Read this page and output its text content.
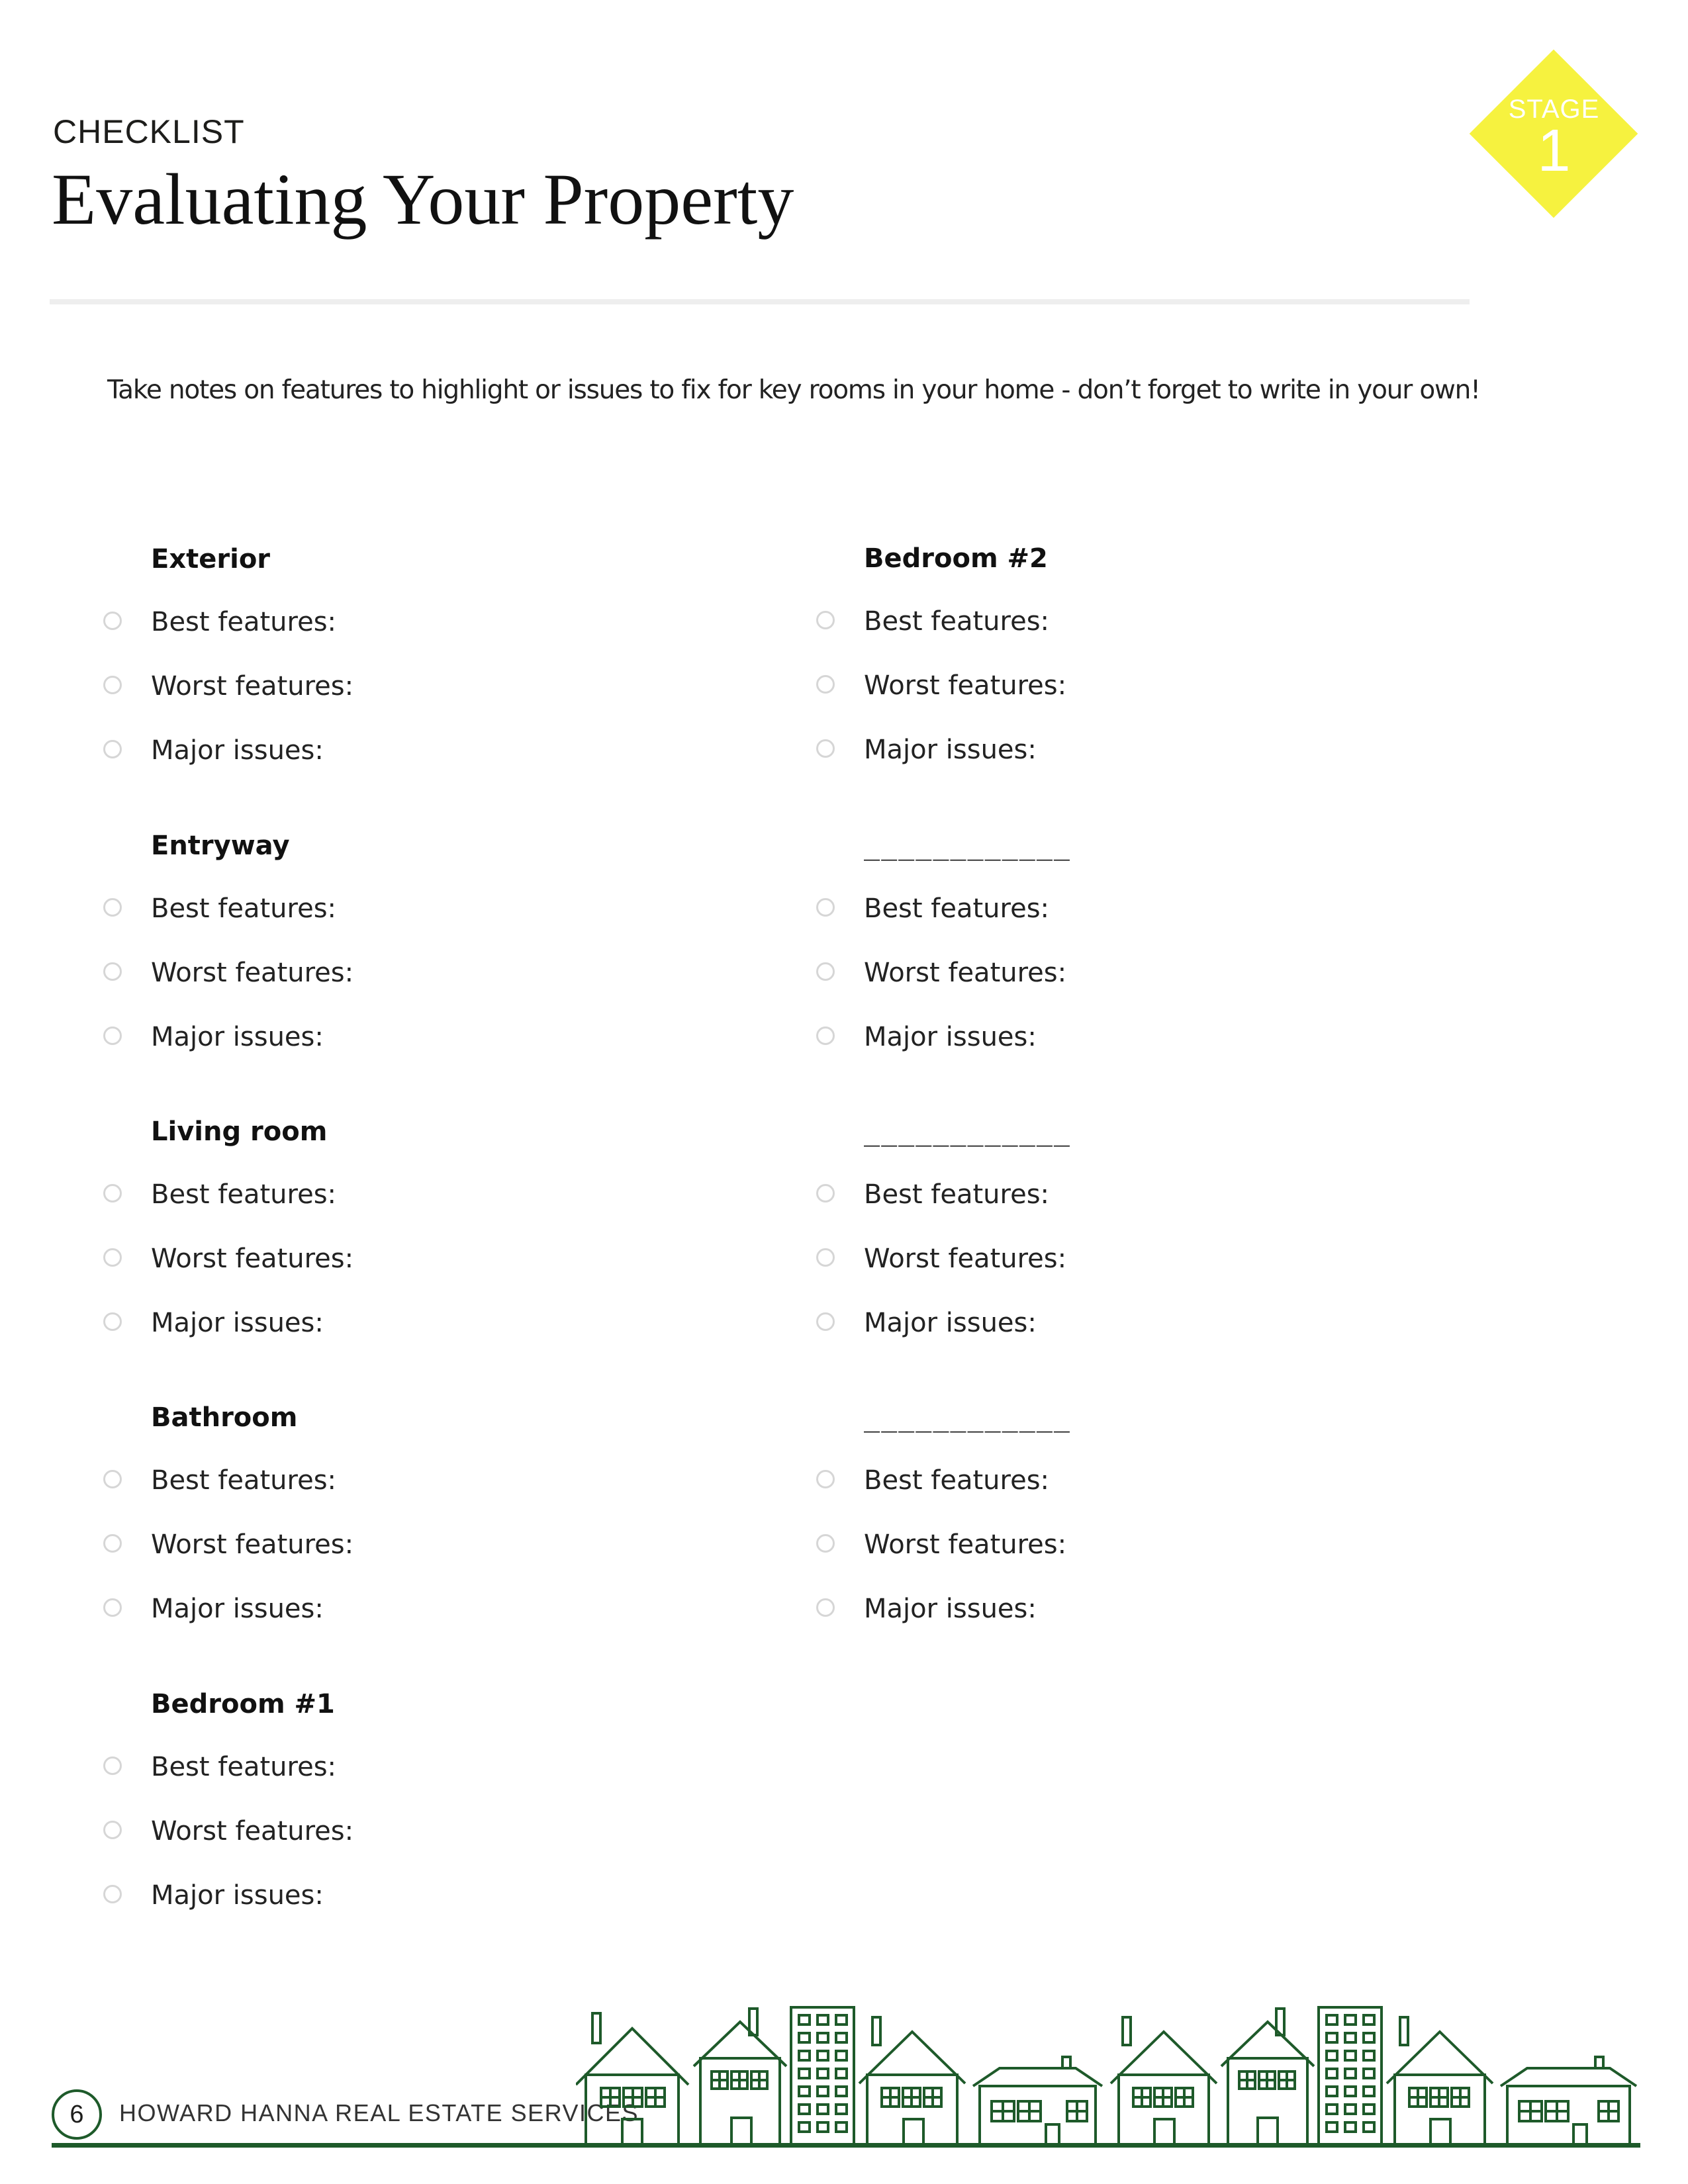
CHECKLIST
Evaluating Your Property
STAGE
1
Take notes on features to highlight or issues to fix for key rooms in your home - don’t forget to write in your own!
Exterior
Best features:
Worst features:
Major issues:
Entryway
Best features:
Worst features:
Major issues:
Living room
Best features:
Worst features:
Major issues:
Bathroom
Best features:
Worst features:
Major issues:
Bedroom #1
Best features:
Worst features:
Major issues:
Bedroom #2
Best features:
Worst features:
Major issues:
____________
Best features:
Worst features:
Major issues:
____________
Best features:
Worst features:
Major issues:
____________
Best features:
Worst features:
Major issues:
6	HOWARD HANNA REAL ESTATE SERVICES
